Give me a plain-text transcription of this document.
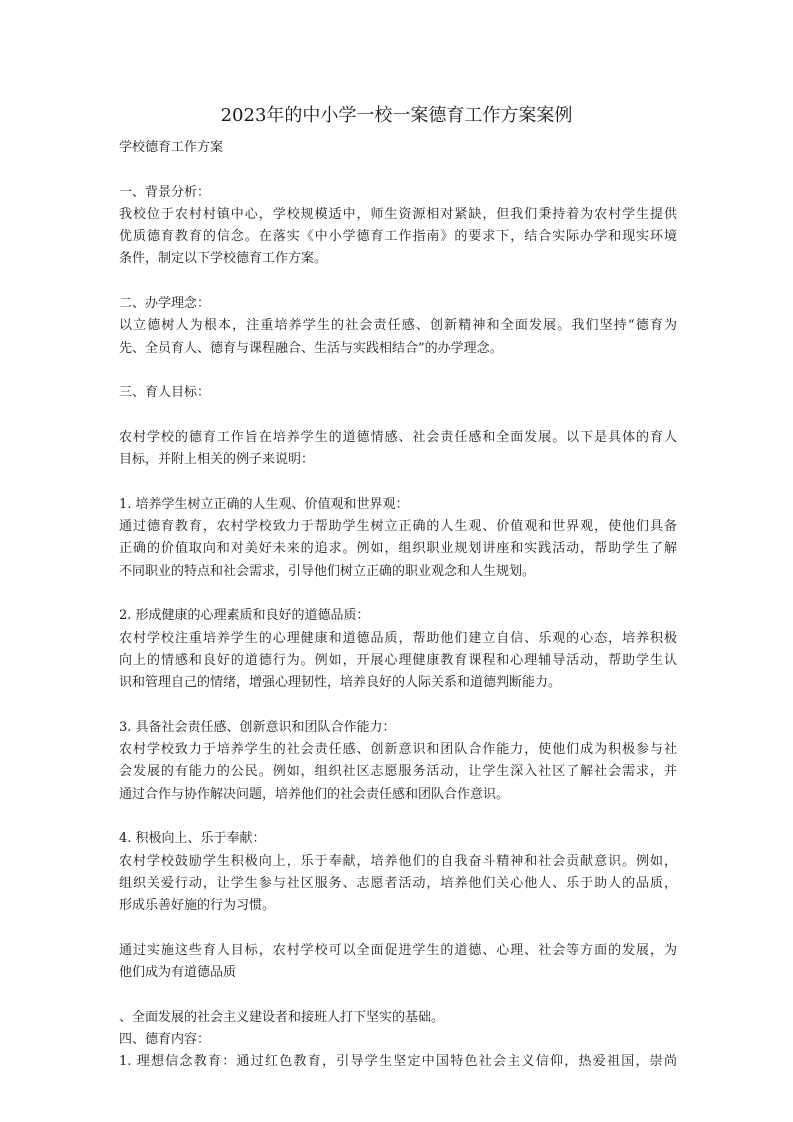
2023年的中小学一校一案德育工作方案案例
学校德育工作方案
一、背景分析：
我校位于农村村镇中心，学校规模适中，师生资源相对紧缺，但我们秉持着为农村学生提供
优质德育教育的信念。在落实《中小学德育工作指南》的要求下，结合实际办学和现实环境
条件，制定以下学校德育工作方案。
二、办学理念：
以立德树人为根本，注重培养学生的社会责任感、创新精神和全面发展。我们坚持“德育为
先、全员育人、德育与课程融合、生活与实践相结合”的办学理念。
三、育人目标：
农村学校的德育工作旨在培养学生的道德情感、社会责任感和全面发展。以下是具体的育人
目标，并附上相关的例子来说明：
1. 培养学生树立正确的人生观、价值观和世界观：
通过德育教育，农村学校致力于帮助学生树立正确的人生观、价值观和世界观，使他们具备
正确的价值取向和对美好未来的追求。例如，组织职业规划讲座和实践活动，帮助学生了解
不同职业的特点和社会需求，引导他们树立正确的职业观念和人生规划。
2. 形成健康的心理素质和良好的道德品质：
农村学校注重培养学生的心理健康和道德品质，帮助他们建立自信、乐观的心态，培养积极
向上的情感和良好的道德行为。例如，开展心理健康教育课程和心理辅导活动，帮助学生认
识和管理自己的情绪，增强心理韧性，培养良好的人际关系和道德判断能力。
3. 具备社会责任感、创新意识和团队合作能力：
农村学校致力于培养学生的社会责任感、创新意识和团队合作能力，使他们成为积极参与社
会发展的有能力的公民。例如，组织社区志愿服务活动，让学生深入社区了解社会需求，并
通过合作与协作解决问题，培养他们的社会责任感和团队合作意识。
4. 积极向上、乐于奉献：
农村学校鼓励学生积极向上，乐于奉献，培养他们的自我奋斗精神和社会贡献意识。例如，
组织关爱行动，让学生参与社区服务、志愿者活动，培养他们关心他人、乐于助人的品质，
形成乐善好施的行为习惯。
通过实施这些育人目标，农村学校可以全面促进学生的道德、心理、社会等方面的发展，为
他们成为有道德品质
、全面发展的社会主义建设者和接班人打下坚实的基础。
四、德育内容：
1. 理想信念教育：通过红色教育，引导学生坚定中国特色社会主义信仰，热爱祖国，崇尚
